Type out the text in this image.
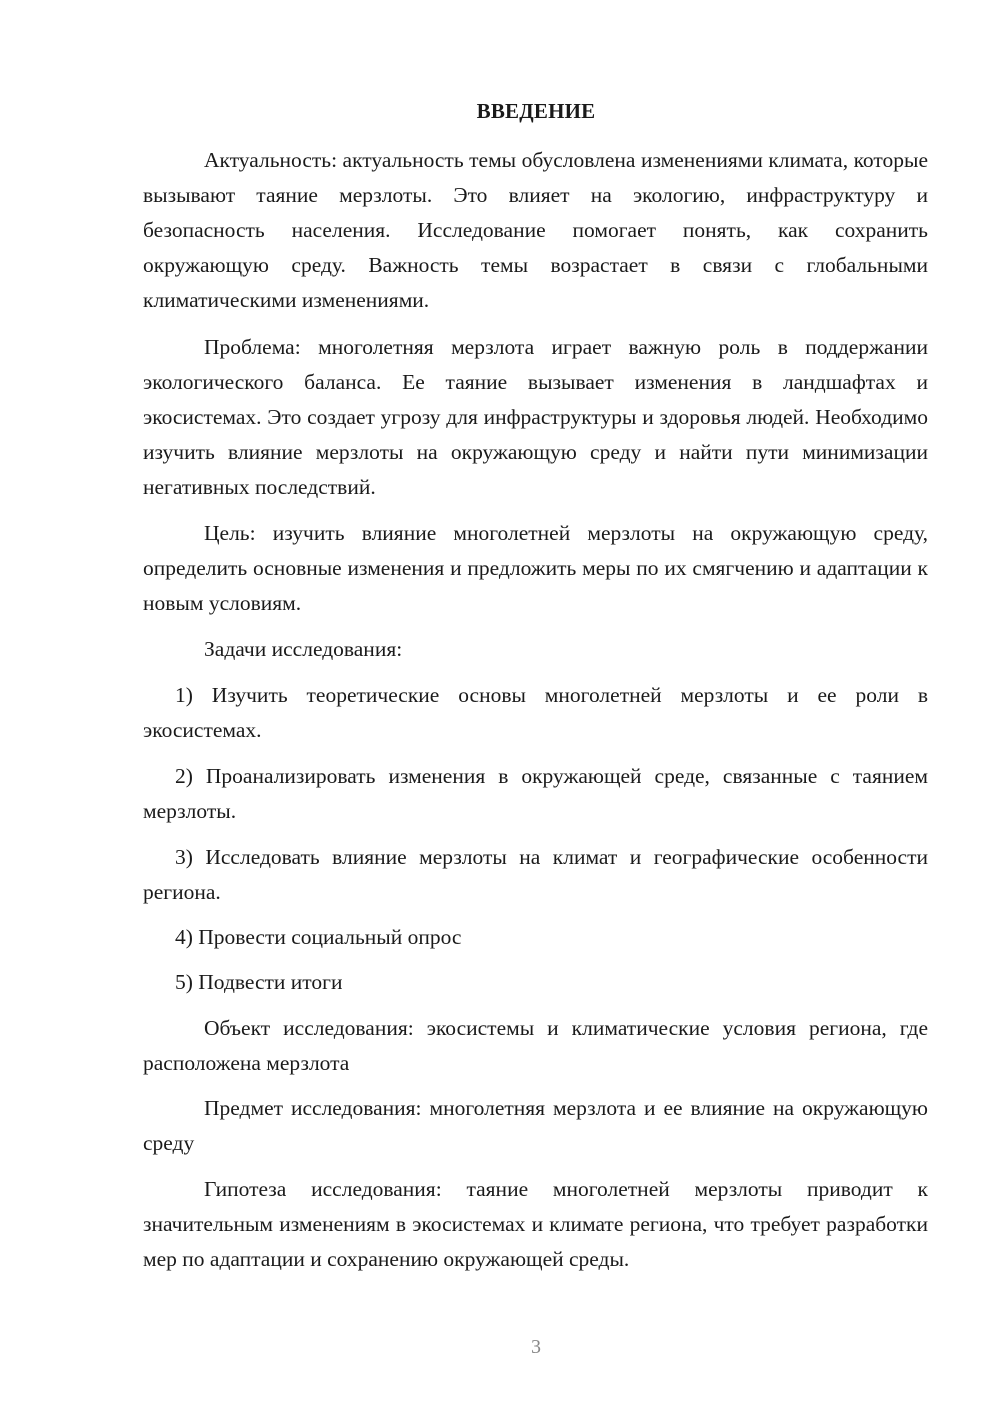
ВВЕДЕНИЕ
Актуальность: актуальность темы обусловлена изменениями климата, которые вызывают таяние мерзлоты. Это влияет на экологию, инфраструктуру и безопасность населения. Исследование помогает понять, как сохранить окружающую среду. Важность темы возрастает в связи с глобальными климатическими изменениями.
Проблема: многолетняя мерзлота играет важную роль в поддержании экологического баланса. Ее таяние вызывает изменения в ландшафтах и экосистемах. Это создает угрозу для инфраструктуры и здоровья людей. Необходимо изучить влияние мерзлоты на окружающую среду и найти пути минимизации негативных последствий.
Цель: изучить влияние многолетней мерзлоты на окружающую среду, определить основные изменения и предложить меры по их смягчению и адаптации к новым условиям.
Задачи исследования:
1) Изучить теоретические основы многолетней мерзлоты и ее роли в экосистемах.
2) Проанализировать изменения в окружающей среде, связанные с таянием мерзлоты.
3) Исследовать влияние мерзлоты на климат и географические особенности региона.
4) Провести социальный опрос
5) Подвести итоги
Объект исследования: экосистемы и климатические условия региона, где расположена мерзлота
Предмет исследования: многолетняя мерзлота и ее влияние на окружающую среду
Гипотеза исследования: таяние многолетней мерзлоты приводит к значительным изменениям в экосистемах и климате региона, что требует разработки мер по адаптации и сохранению окружающей среды.
3
